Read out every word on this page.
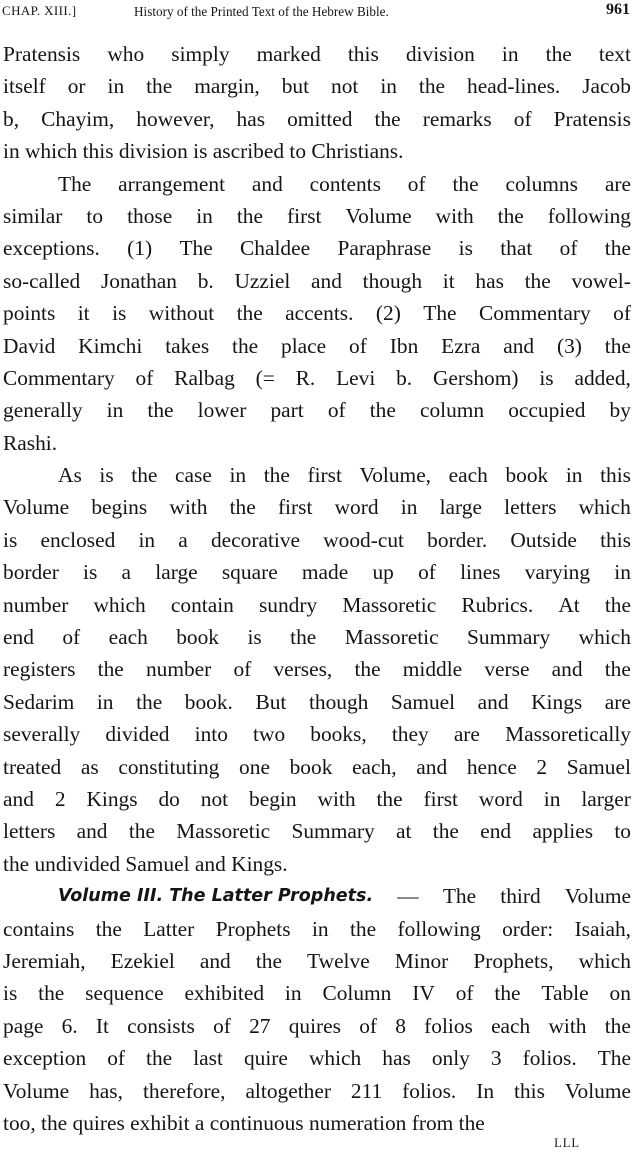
CHAP. XIII.]	History of the Printed Text of the Hebrew Bible.	961
Pratensis who simply marked this division in the text
itself or in the margin, but not in the head-lines. Jacob
b, Chayim, however, has omitted the remarks of Pratensis
in which this division is ascribed to Christians.
The arrangement and contents of the columns are
similar to those in the first Volume with the following
exceptions. (1) The Chaldee Paraphrase is that of the
so-called Jonathan b. Uzziel and though it has the vowel-
points it is without the accents. (2) The Commentary of
David Kimchi takes the place of Ibn Ezra and (3) the
Commentary of Ralbag (= R. Levi b. Gershom) is added,
generally in the lower part of the column occupied by
Rashi.
As is the case in the first Volume, each book in this
Volume begins with the first word in large letters which
is enclosed in a decorative wood-cut border. Outside this
border is a large square made up of lines varying in
number which contain sundry Massoretic Rubrics. At the
end of each book is the Massoretic Summary which
registers the number of verses, the middle verse and the
Sedarim in the book. But though Samuel and Kings are
severally divided into two books, they are Massoretically
treated as constituting one book each, and hence 2 Samuel
and 2 Kings do not begin with the first word in larger
letters and the Massoretic Summary at the end applies to
the undivided Samuel and Kings.
Volume III. The Latter Prophets. — The third Volume
contains the Latter Prophets in the following order: Isaiah,
Jeremiah, Ezekiel and the Twelve Minor Prophets, which
is the sequence exhibited in Column IV of the Table on
page 6. It consists of 27 quires of 8 folios each with the
exception of the last quire which has only 3 folios. The
Volume has, therefore, altogether 211 folios. In this Volume
too, the quires exhibit a continuous numeration from the
LLL
